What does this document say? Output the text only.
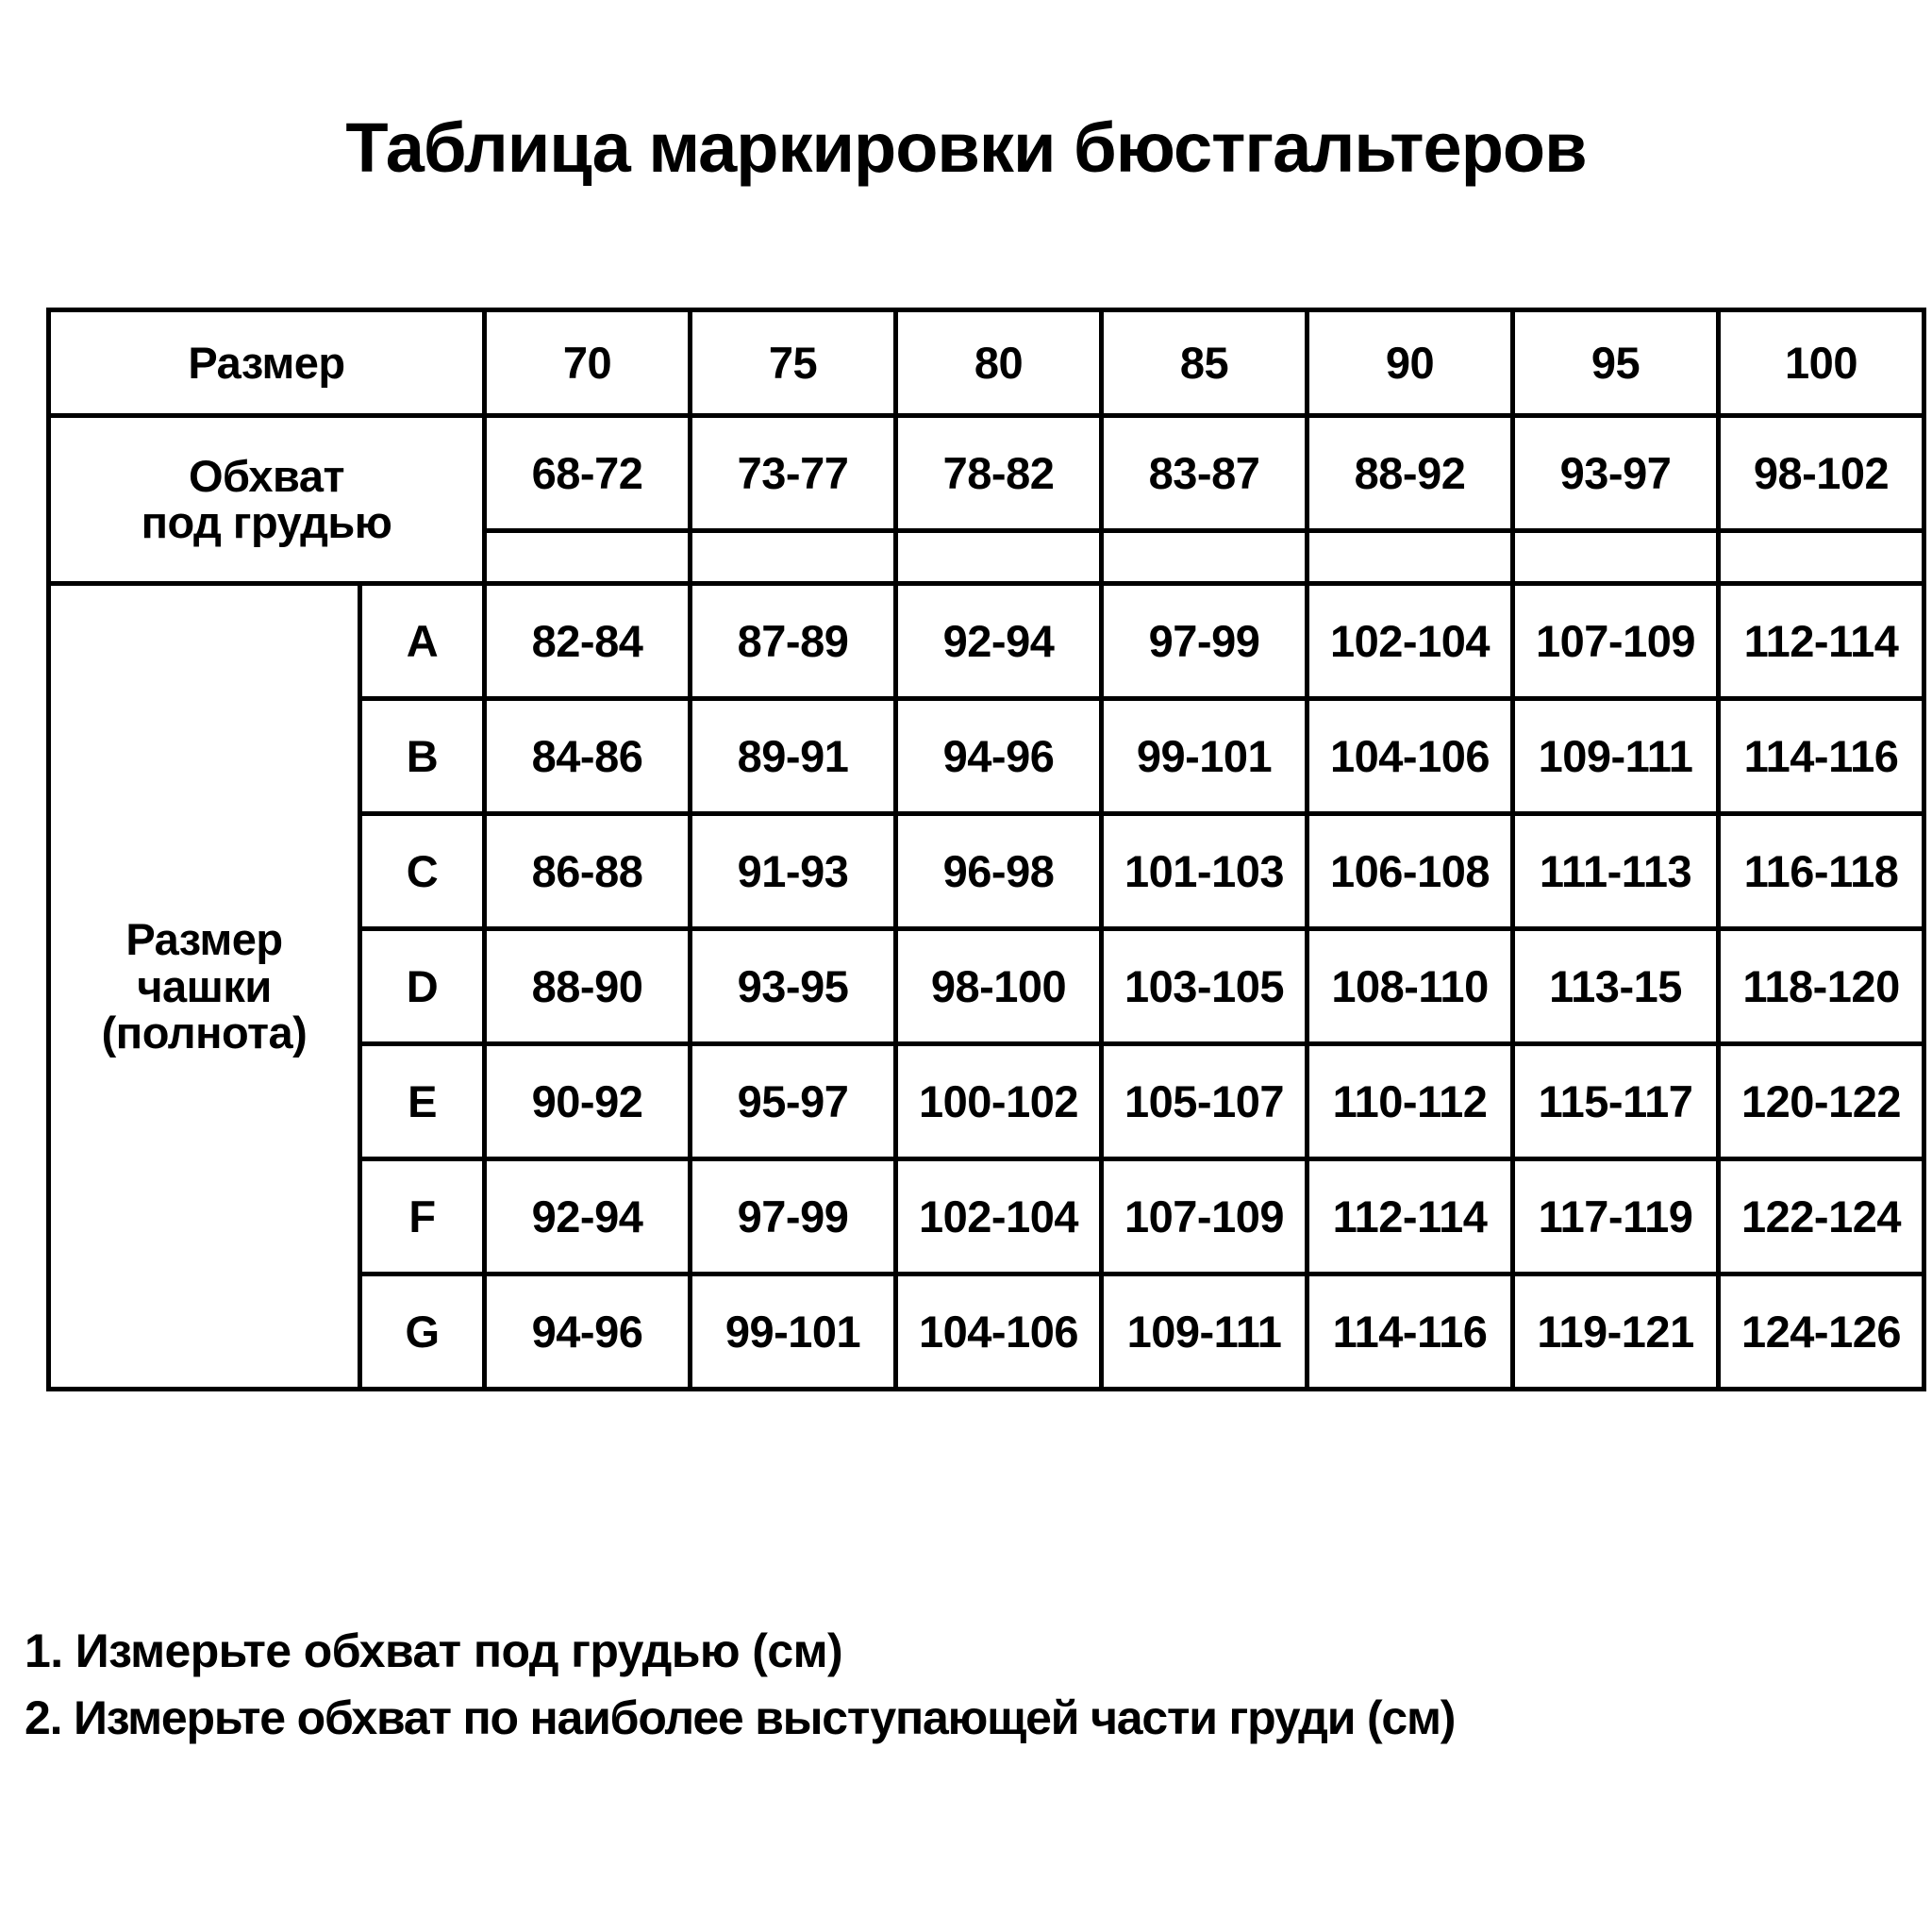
Таблица маркировки бюстгальтеров
Размер		70	75	80	85	90	95	100

Обхват
под грудью		68-72	73-77	78-82	83-87	88-92	93-97	98-102

Размер
чашки
(полнота)	A	82-84	87-89	92-94	97-99	102-104	107-109	112-114
	B	84-86	89-91	94-96	99-101	104-106	109-111	114-116
	C	86-88	91-93	96-98	101-103	106-108	111-113	116-118
	D	88-90	93-95	98-100	103-105	108-110	113-15	118-120
	E	90-92	95-97	100-102	105-107	110-112	115-117	120-122
	F	92-94	97-99	102-104	107-109	112-114	117-119	122-124
	G	94-96	99-101	104-106	109-111	114-116	119-121	124-126
1. Измерьте обхват под грудью (см)
2. Измерьте обхват по наиболее выступающей части груди (см)
